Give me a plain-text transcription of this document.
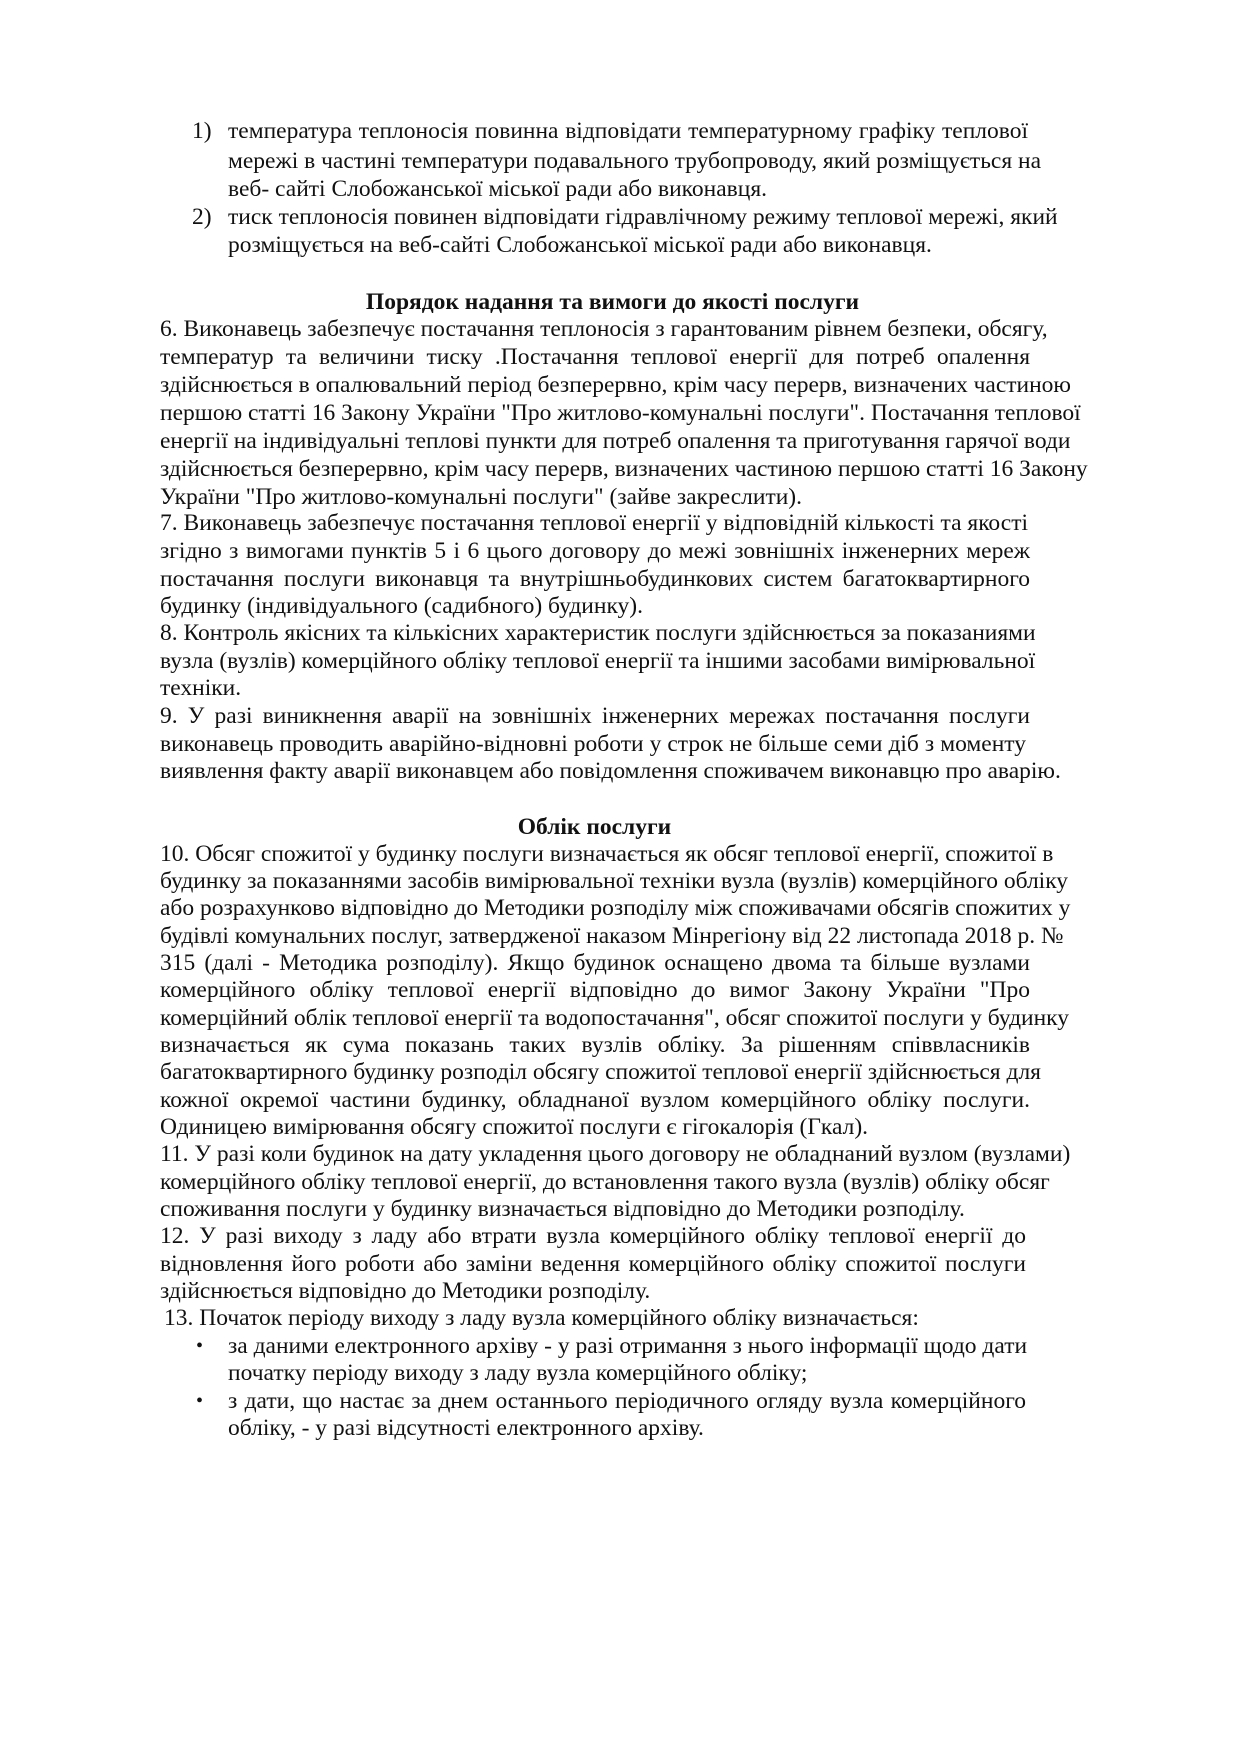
1) температура теплоносія повинна відповідати температурному графіку теплової
мережі в частині температури подавального трубопроводу, який розміщується на
веб- сайті Слобожанської міської ради або виконавця.
2) тиск теплоносія повинен відповідати гідравлічному режиму теплової мережі, який
розміщується на веб-сайті Слобожанської міської ради або виконавця.
Порядок надання та вимоги до якості послуги
6. Виконавець забезпечує постачання теплоносія з гарантованим рівнем безпеки, обсягу,
температур та величини тиску .Постачання теплової енергії для потреб опалення
здійснюється в опалювальний період безперервно, крім часу перерв, визначених частиною
першою статті 16 Закону України "Про житлово-комунальні послуги". Постачання теплової
енергії на індивідуальні теплові пункти для потреб опалення та приготування гарячої води
здійснюється безперервно, крім часу перерв, визначених частиною першою статті 16 Закону
України "Про житлово-комунальні послуги" (зайве закреслити).
7. Виконавець забезпечує постачання теплової енергії у відповідній кількості та якості
згідно з вимогами пунктів 5 і 6 цього договору до межі зовнішніх інженерних мереж
постачання послуги виконавця та внутрішньобудинкових систем багатоквартирного
будинку (індивідуального (садибного) будинку).
8. Контроль якісних та кількісних характеристик послуги здійснюється за показаниями
вузла (вузлів) комерційного обліку теплової енергії та іншими засобами вимірювальної
техніки.
9. У разі виникнення аварії на зовнішніх інженерних мережах постачання послуги
виконавець проводить аварійно-відновні роботи у строк не більше семи діб з моменту
виявлення факту аварії виконавцем або повідомлення споживачем виконавцю про аварію.
Облік послуги
10. Обсяг спожитої у будинку послуги визначається як обсяг теплової енергії, спожитої в
будинку за показаннями засобів вимірювальної техніки вузла (вузлів) комерційного обліку
або розрахунково відповідно до Методики розподілу між споживачами обсягів спожитих у
будівлі комунальних послуг, затвердженої наказом Мінрегіону від 22 листопада 2018 р. №
315 (далі - Методика розподілу). Якщо будинок оснащено двома та більше вузлами
комерційного обліку теплової енергії відповідно до вимог Закону України "Про
комерційний облік теплової енергії та водопостачання", обсяг спожитої послуги у будинку
визначається як сума показань таких вузлів обліку. За рішенням співвласників
багатоквартирного будинку розподіл обсягу спожитої теплової енергії здійснюється для
кожної окремої частини будинку, обладнаної вузлом комерційного обліку послуги.
Одиницею вимірювання обсягу спожитої послуги є гігокалорія (Гкал).
11. У разі коли будинок на дату укладення цього договору не обладнаний вузлом (вузлами)
комерційного обліку теплової енергії, до встановлення такого вузла (вузлів) обліку обсяг
споживання послуги у будинку визначається відповідно до Методики розподілу.
12. У разі виходу з ладу або втрати вузла комерційного обліку теплової енергії до
відновлення його роботи або заміни ведення комерційного обліку спожитої послуги
здійснюється відповідно до Методики розподілу.
13. Початок періоду виходу з ладу вузла комерційного обліку визначається:
• за даними електронного архіву - у разі отримання з нього інформації щодо дати
початку періоду виходу з ладу вузла комерційного обліку;
• з дати, що настає за днем останнього періодичного огляду вузла комерційного
обліку, - у разі відсутності електронного архіву.
